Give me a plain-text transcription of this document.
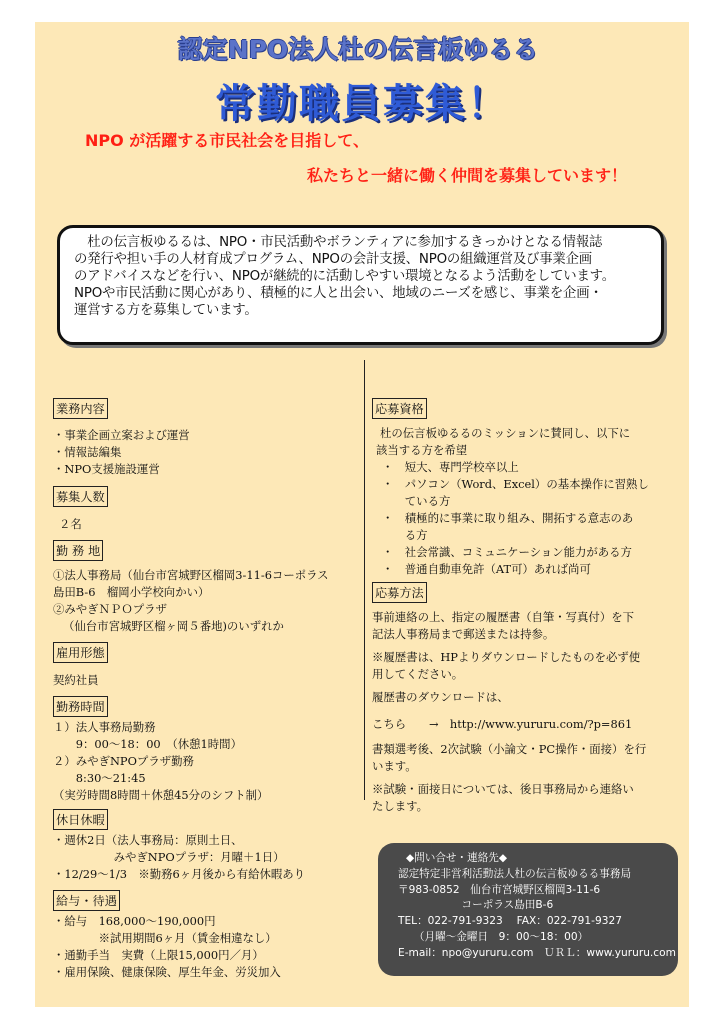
認定NPO法人杜の伝言板ゆるる
常勤職員募集！
NPO が活躍する市民社会を目指して、
私たちと一緒に働く仲間を募集しています！
　杜の伝言板ゆるるは、NPO・市民活動やボランティアに参加するきっかけとなる情報誌
の発行や担い手の人材育成プログラム、NPOの会計支援、NPOの組織運営及び事業企画
のアドバイスなどを行い、NPOが継続的に活動しやすい環境となるよう活動をしています。
NPOや市民活動に関心があり、積極的に人と出会い、地域のニーズを感じ、事業を企画・
運営する方を募集しています。
業務内容
・事業企画立案および運営
・情報誌編集
・NPO支援施設運営
募集人数
２名
勤 務 地
①法人事務局（仙台市宮城野区榴岡3-11-6コーポラス
島田B-6　榴岡小学校向かい）
②みやぎＮＰＯプラザ
（仙台市宮城野区榴ヶ岡５番地)のいずれか
雇用形態
契約社員
勤務時間
１）法人事務局勤務
　　9：00～18：00　（休憩1時間）
２）みやぎNPOプラザ勤務
　　8:30～21:45
（実労時間8時間＋休憩45分のシフト制）
休日休暇
・週休2日（法人事務局：原則土日、
　　　　　 みやぎNPOプラザ：月曜＋1日）
・12/29～1/3　※勤務6ヶ月後から有給休暇あり
給与・待遇
・給与　168,000～190,000円
　　　　※試用期間6ヶ月（賃金相違なし）
・通勤手当　実費（上限15,000円／月）
・雇用保険、健康保険、厚生年金、労災加入
応募資格
杜の伝言板ゆるるのミッションに賛同し、以下に
該当する方を希望
・　短大、専門学校卒以上
・　パソコン（Word、Excel）の基本操作に習熟し
　　ている方
・　積極的に事業に取り組み、開拓する意志のあ
　　る方
・　社会常識、コミュニケーション能力がある方
・　普通自動車免許（AT可）あれば尚可
応募方法
事前連絡の上、指定の履歴書（自筆・写真付）を下
記法人事務局まで郵送または持参。
※履歴書は、HPよりダウンロードしたものを必ず使
用してください。
履歴書のダウンロードは、
こちら　　→　http://www.yururu.com/?p=861
書類選考後、2次試験（小論文・PC操作・面接）を行
います。
※試験・面接日については、後日事務局から連絡い
たします。
◆問い合せ・連絡先◆
認定特定非営利活動法人杜の伝言板ゆるる事務局
〒983-0852　仙台市宮城野区榴岡3-11-6
　　　　　　コーポラス島田B-6
TEL：022-791-9323　 FAX：022-791-9327
　　（月曜～金曜日　9：00～18：00）
E-mail：npo@yururu.com　ＵＲＬ：www.yururu.com
